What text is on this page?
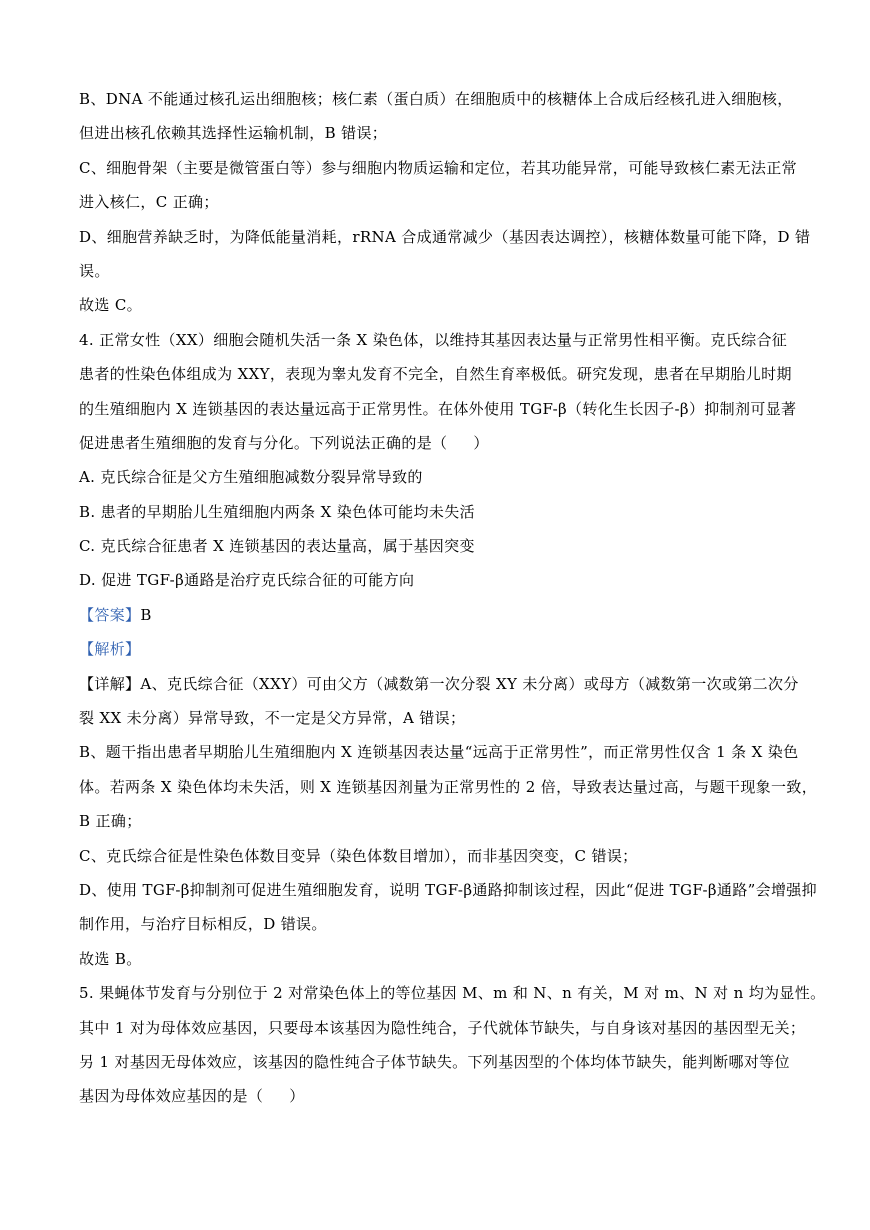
B、DNA 不能通过核孔运出细胞核；核仁素（蛋白质）在细胞质中的核糖体上合成后经核孔进入细胞核，
但进出核孔依赖其选择性运输机制，B 错误；
C、细胞骨架（主要是微管蛋白等）参与细胞内物质运输和定位，若其功能异常，可能导致核仁素无法正常
进入核仁，C 正确；
D、细胞营养缺乏时，为降低能量消耗，rRNA 合成通常减少（基因表达调控），核糖体数量可能下降，D 错
误。
故选 C。
4. 正常女性（XX）细胞会随机失活一条 X 染色体，以维持其基因表达量与正常男性相平衡。克氏综合征
患者的性染色体组成为 XXY，表现为睾丸发育不完全，自然生育率极低。研究发现，患者在早期胎儿时期
的生殖细胞内 X 连锁基因的表达量远高于正常男性。在体外使用 TGF-β（转化生长因子-β）抑制剂可显著
促进患者生殖细胞的发育与分化。下列说法正确的是（ ）
A. 克氏综合征是父方生殖细胞减数分裂异常导致的
B. 患者的早期胎儿生殖细胞内两条 X 染色体可能均未失活
C. 克氏综合征患者 X 连锁基因的表达量高，属于基因突变
D. 促进 TGF-β通路是治疗克氏综合征的可能方向
【答案】B
【解析】
【详解】A、克氏综合征（XXY）可由父方（减数第一次分裂 XY 未分离）或母方（减数第一次或第二次分
裂 XX 未分离）异常导致，不一定是父方异常，A 错误；
B、题干指出患者早期胎儿生殖细胞内 X 连锁基因表达量“远高于正常男性”，而正常男性仅含 1 条 X 染色
体。若两条 X 染色体均未失活，则 X 连锁基因剂量为正常男性的 2 倍，导致表达量过高，与题干现象一致，
B 正确；
C、克氏综合征是性染色体数目变异（染色体数目增加），而非基因突变，C 错误；
D、使用 TGF-β抑制剂可促进生殖细胞发育，说明 TGF-β通路抑制该过程，因此“促进 TGF-β通路”会增强抑
制作用，与治疗目标相反，D 错误。
故选 B。
5. 果蝇体节发育与分别位于 2 对常染色体上的等位基因 M、m 和 N、n 有关，M 对 m、N 对 n 均为显性。
其中 1 对为母体效应基因，只要母本该基因为隐性纯合，子代就体节缺失，与自身该对基因的基因型无关；
另 1 对基因无母体效应，该基因的隐性纯合子体节缺失。下列基因型的个体均体节缺失，能判断哪对等位
基因为母体效应基因的是（ ）
